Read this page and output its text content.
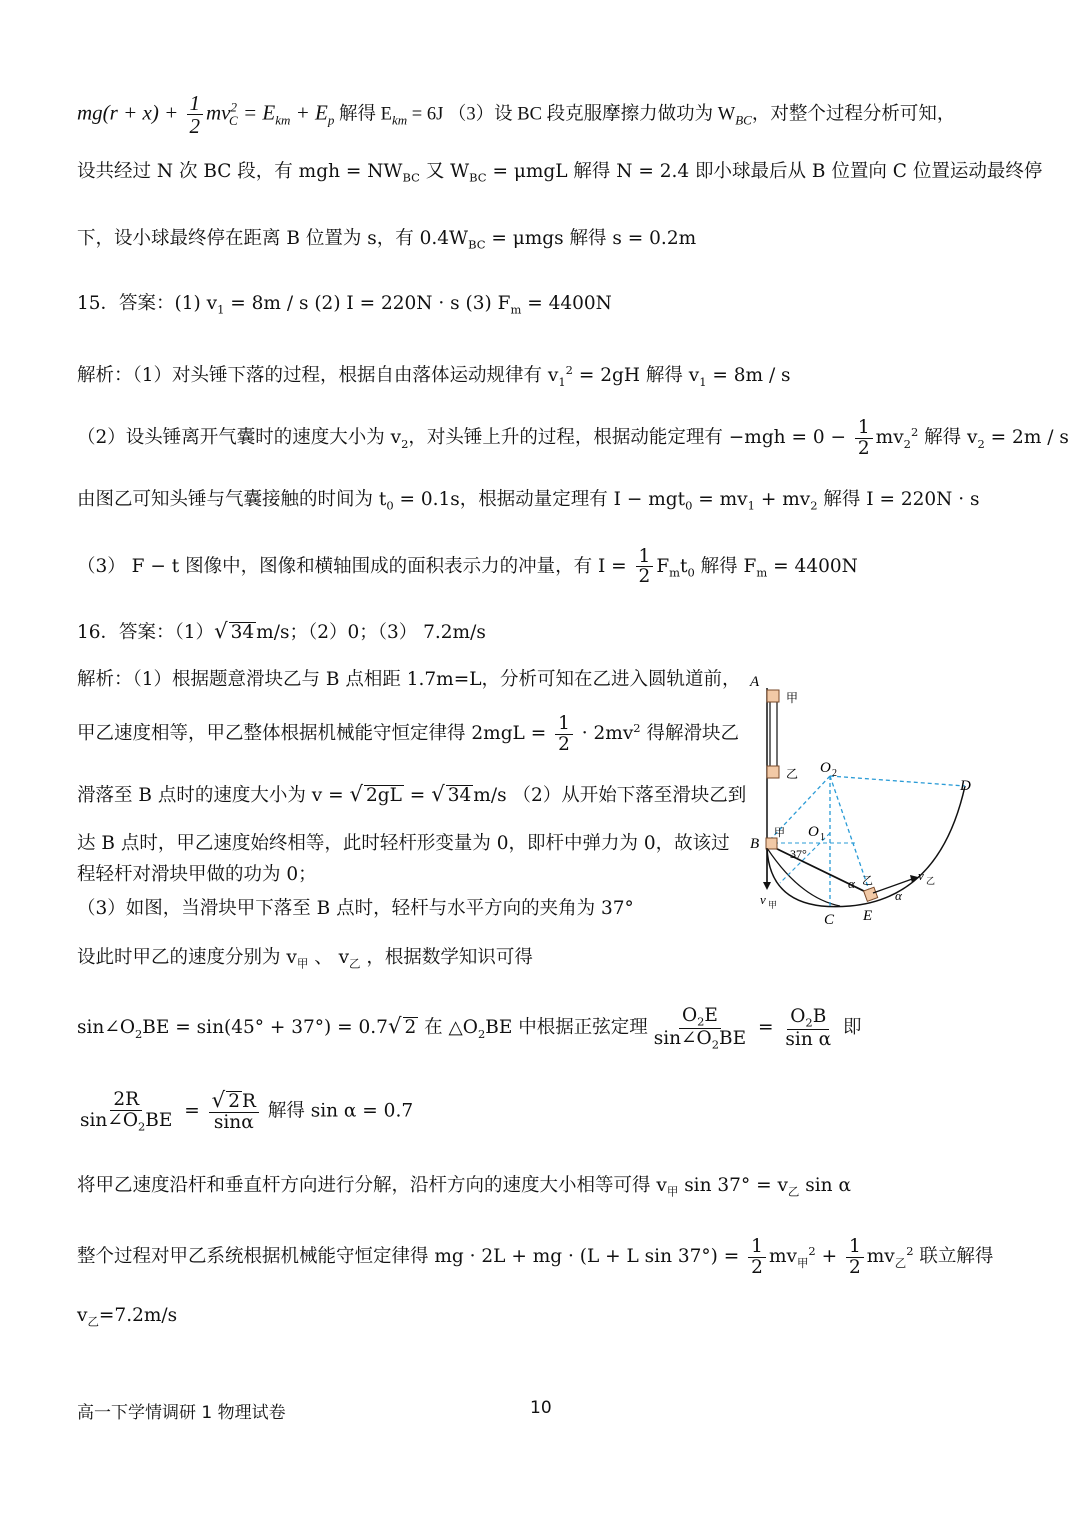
$mg(r + x) + \frac{1}{2} mv^2_C = E_{km} + E_p$ 解得 $E_{km} = 6J$ （3）设 BC 段克服摩擦力做功为 $W_{BC}$，对整个过程分析可知，
设共经过 N 次 BC 段，有 mgh = $NW_{BC}$ 又 $W_{BC} = \mu mgL$ 解得 N = 2.4 即小球最后从 B 位置向 C 位置运动最终停
下，设小球最终停在距离 B 位置为 s，有 $0.4W_{BC} = \mu mgs$ 解得 s = 0.2m
15．答案：(1) $v_1 = 8m / s$ (2) I = 220N · s (3) $F_m = 4400N$
解析：（1）对头锤下落的过程，根据自由落体运动规律有 $v_1^2 = 2gH$ 解得 $v_1 = 8m / s$
（2）设头锤离开气囊时的速度大小为 $v_2$，对头锤上升的过程，根据动能定理有 $-mgh = 0 - \frac{1}{2} mv_2^2$ 解得 $v_2 = 2m / s$
由图乙可知头锤与气囊接触的时间为 $t_0 = 0.1s$，根据动量定理有 $I - mgt_0 = mv_1 + mv_2$ 解得 I = 220N · s
（3） F − t 图像中，图像和横轴围成的面积表示力的冲量，有 $I = \frac{1}{2} F_mt_0$ 解得 $F_m = 4400N$
16．答案：（1）√ 34 m/s；（2）0；（3） 7.2m/s
解析：（1）根据题意滑块乙与 B 点相距 1.7m=L，分析可知在乙进入圆轨道前，
甲乙速度相等，甲乙整体根据机械能守恒定律得 $2mgL = \frac{1}{2} \cdot 2mv^2$ 得解滑块乙
滑落至 B 点时的速度大小为 v = √ 2gL = √ 34 m/s （2）从开始下落至滑块乙到
达 B 点时，甲乙速度始终相等，此时轻杆形变量为 0，即杆中弹力为 0，故该过
程轻杆对滑块甲做的功为 0；
（3）如图，当滑块甲下落至 B 点时，轻杆与水平方向的夹角为 37°
设此时甲乙的速度分别为 $v_甲$ 、 $v_乙$ ，根据数学知识可得
$\sin\angle O_2BE = \sin(45^\circ + 37^\circ) = 0.7√$ 2 在 $\triangle O_2BE$ 中根据正弦定理 $\frac{O_2E}{\sin\angle O_2BE} = \frac{O_2B}{\text{sin α}}$ 即
$\frac{2R}{\sin\angle O_2BE} = \frac{√ 2 R}{\sin\alpha}$ 解得 sin α = 0.7
将甲乙速度沿杆和垂直杆方向进行分解，沿杆方向的速度大小相等可得 $v_甲$ $\sin 37^\circ = v_乙$ sin α
整个过程对甲乙系统根据机械能守恒定律得 mg · 2L + mg · (L + L $\sin 37^\circ) = \frac{1}{2} mv_甲^2 + \frac{1}{2} mv_乙^2$ 联立解得
$v_乙=7.2m/s$
A
甲
乙 O 2
O 1
D
B
甲
37°
α 乙
α
v 乙
v 甲
C E
高一下学情调研 1 物理试卷	10
